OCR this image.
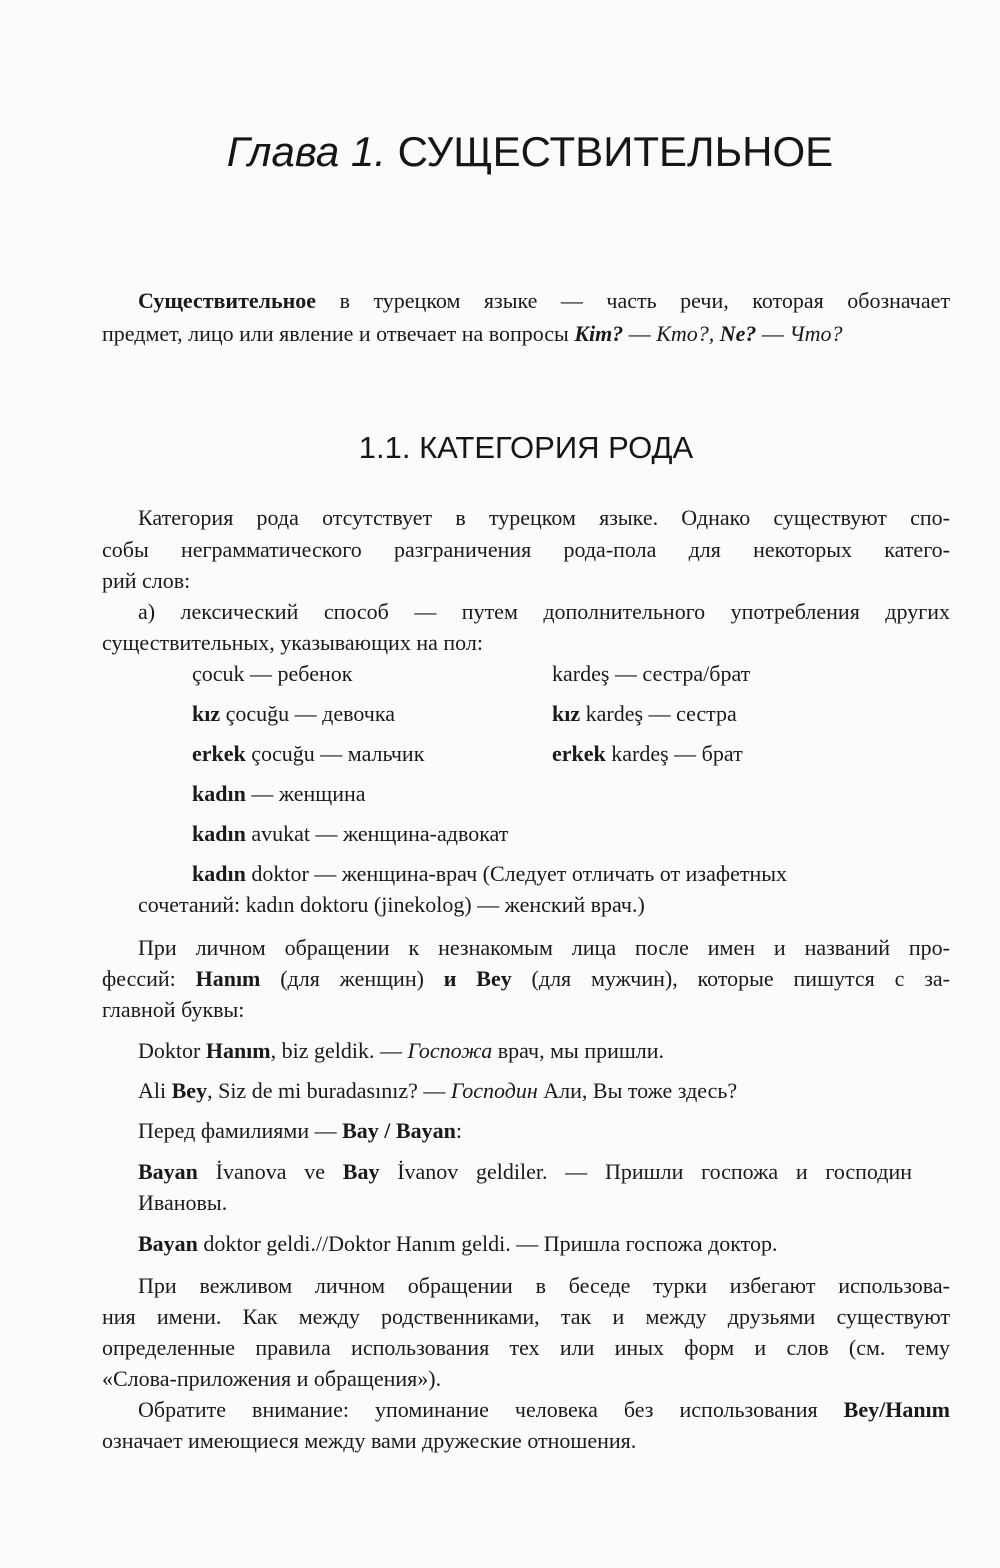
Глава 1. СУЩЕСТВИТЕЛЬНОЕ
Существительное в турецком языке — часть речи, которая обозначает
предмет, лицо или явление и отвечает на вопросы Kim? — Кто?, Ne? — Что?
1.1. КАТЕГОРИЯ РОДА
Категория рода отсутствует в турецком языке. Однако существуют спо-
собы неграмматического разграничения рода-пола для некоторых катего-
рий слов:
а) лексический способ — путем дополнительного употребления других
существительных, указывающих на пол:
çocuk — ребенок	kardeş — сестра/брат
kız çocuğu — девочка	kız kardeş — сестра
erkek çocuğu — мальчик	erkek kardeş — брат
kadın — женщина
kadın avukat — женщина-адвокат
kadın doktor — женщина-врач (Следует отличать от изафетных
сочетаний: kadın doktoru (jinekolog) — женский врач.)
При личном обращении к незнакомым лица после имен и названий про-
фессий: Hanım (для женщин) и Bey (для мужчин), которые пишутся с за-
главной буквы:
Doktor Hanım, biz geldik. — Госпожа врач, мы пришли.
Ali Bey, Siz de mi buradasınız? — Господин Али, Вы тоже здесь?
Перед фамилиями — Bay / Bayan:
Bayan İvanova ve Bay İvanov geldiler. — Пришли госпожа и господин
Ивановы.
Bayan doktor geldi.//Doktor Hanım geldi. — Пришла госпожа доктор.
При вежливом личном обращении в беседе турки избегают использова-
ния имени. Как между родственниками, так и между друзьями существуют
определенные правила использования тех или иных форм и слов (см. тему
«Слова-приложения и обращения»).
Обратите внимание: упоминание человека без использования Bey/Hanım
означает имеющиеся между вами дружеские отношения.
